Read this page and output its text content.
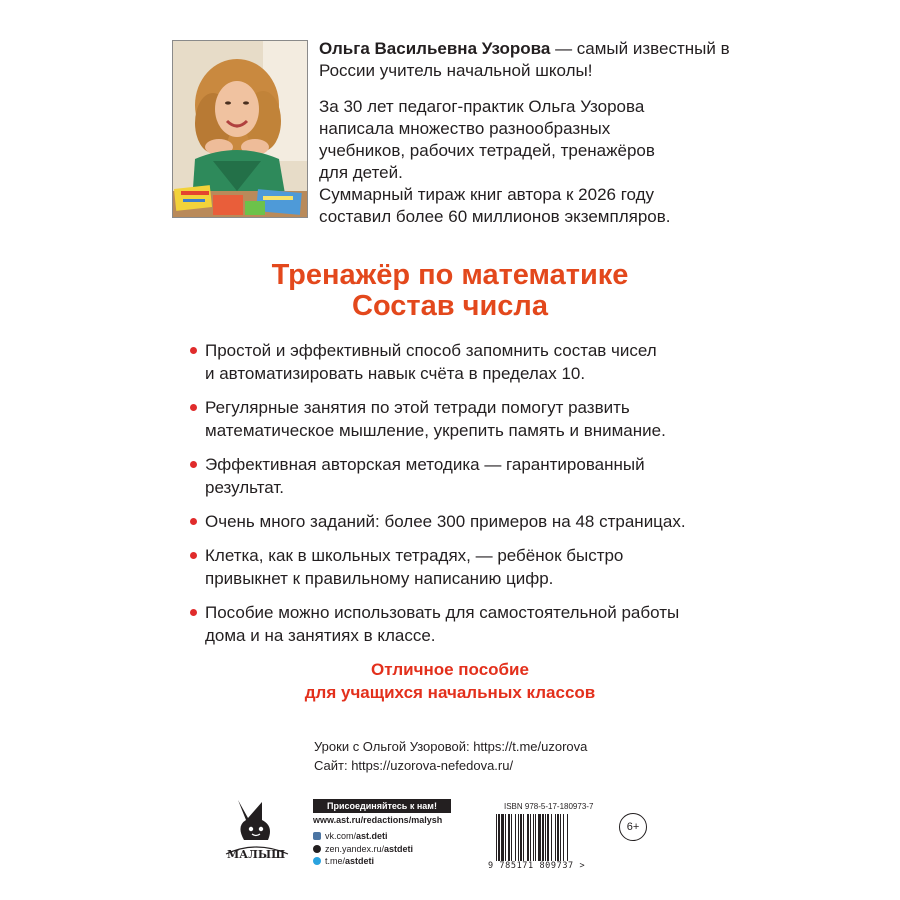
Ольга Васильевна Узорова — самый известный в России учитель начальной школы!

За 30 лет педагог-практик Ольга Узорова

написала множество разнообразных

учебников, рабочих тетрадей, тренажёров

для детей.

Суммарный тираж книг автора к 2026 году

составил более 60 миллионов экземпляров.

Тренажёр по математике
Состав числа
Простой и эффективный способ запомнить состав чисел
и автоматизировать навык счёта в пределах 10.
Регулярные занятия по этой тетради помогут развить
математическое мышление, укрепить память и внимание.
Эффективная авторская методика — гарантированный
результат.
Очень много заданий: более 300 примеров на 48 страницах.
Клетка, как в школьных тетрадях, — ребёнок быстро
привыкнет к правильному написанию цифр.
Пособие можно использовать для самостоятельной работы
дома и на занятиях в классе.
Отличное пособие
для учащихся начальных классов
Уроки с Ольгой Узоровой: https://t.me/uzorova
Сайт: https://uzorova-nefedova.ru/
МАЛЫШ
Присоединяйтесь к нам!
www.ast.ru/redactions/malysh
vk.com/ ast.deti
zen.yandex.ru/ astdeti
t.me/ astdeti
ISBN 978-5-17-180973-7
9 785171 809737 >
6+
